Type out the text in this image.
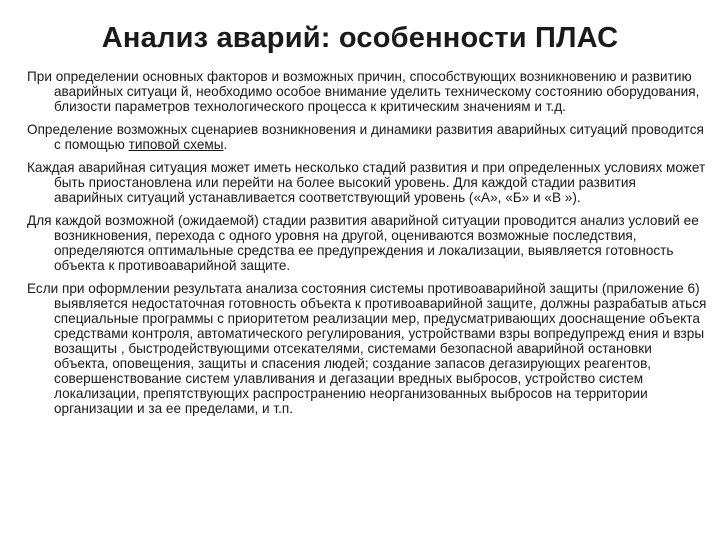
Анализ аварий: особенности ПЛАС

При определении основных факторов и возможных причин, способствующих возникновению и развитию аварийных ситуаци й, необходимо особое внимание уделить техническому состоянию оборудования, близости параметров технологического процесса к критическим значениям и т.д.

Определение возможных сценариев возникновения и динамики развития аварийных ситуаций проводится с помощью типовой схемы.

Каждая аварийная ситуация может иметь несколько стадий развития и при определенных условиях может быть приостановлена или перейти на более высокий уровень. Для каждой стадии развития аварийных ситуаций устанавливается соответствующий уровень («А», «Б» и «В »).

Для каждой возможной (ожидаемой) стадии развития аварийной ситуации проводится анализ условий ее возникновения, перехода с одного уровня на другой, оцениваются возможные последствия, определяются оптимальные средства ее предупреждения и локализации, выявляется готовность объекта к противоаварийной защите.

Если при оформлении результата анализа состояния системы противоаварийной защиты (приложение 6) выявляется недостаточная готовность объекта к противоаварийной защите, должны разрабатыв аться специальные программы с приоритетом реализации мер, предусматривающих дооснащение объекта средствами контроля, автоматического регулирования, устройствами взры вопредупрежд ения и взры возащиты , быстродействующими отсекателями, системами безопасной аварийной остановки объекта, оповещения, защиты и спасения людей; создание запасов дегазирующих реагентов, совершенствование систем улавливания и дегазации вредных выбросов, устройство систем локализации, препятствующих распространению неорганизованных выбросов на территории организации и за ее пределами, и т.п.
